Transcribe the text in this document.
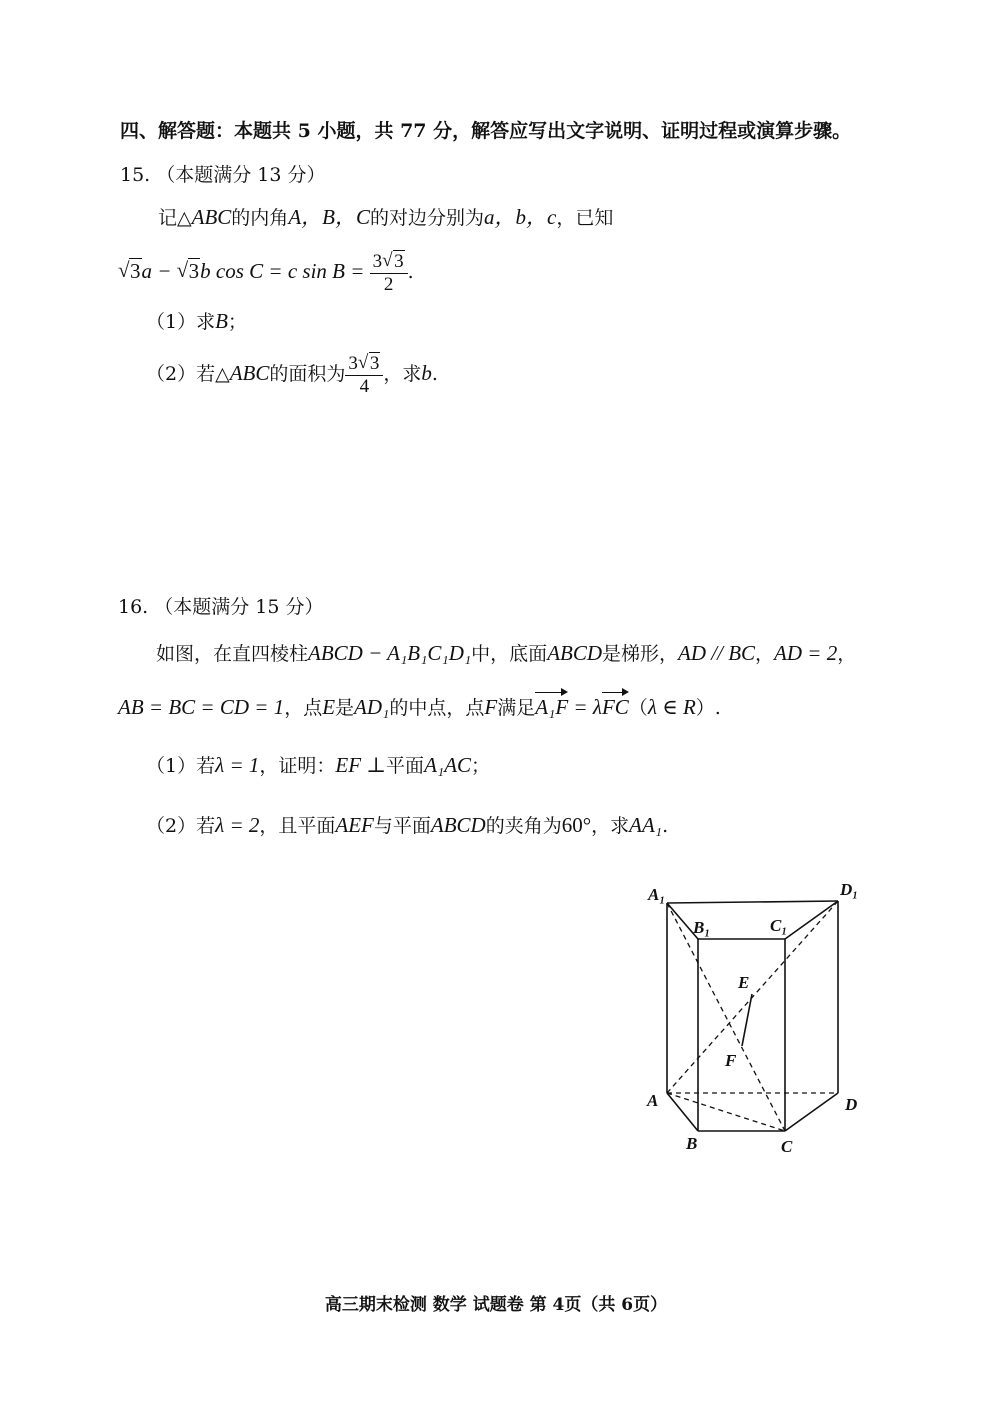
四、解答题：本题共 5 小题，共 77 分，解答应写出文字说明、证明过程或演算步骤。
15. （本题满分 13 分）
记△ABC的内角A，B，C的对边分别为a，b，c，已知
√ 3a − √ 3b cos C = c $\sin B = \frac{3 √ 3}{2}$ .
（1）求B；
（2）若△ABC的面积为 $\frac{3 √ 3}{4}$ ，求b.
16. （本题满分 15 分）
如图，在直四棱柱ABCD − A₁B₁C₁D₁中，底面ABCD是梯形，AD // BC，AD = 2，
AB = BC = CD = 1，点E是AD₁的中点，点F满足A₁F = λFC（λ ∈ R）.
（1）若λ = 1，证明：EF ⊥平面A₁AC；
（2）若λ = 2，且平面AEF与平面ABCD的夹角为60°，求AA₁.
A₁
B₁	C₁
D₁
E
F
A
B	C
D
高三期末检测 数学 试题卷 第 4页（共 6页）
